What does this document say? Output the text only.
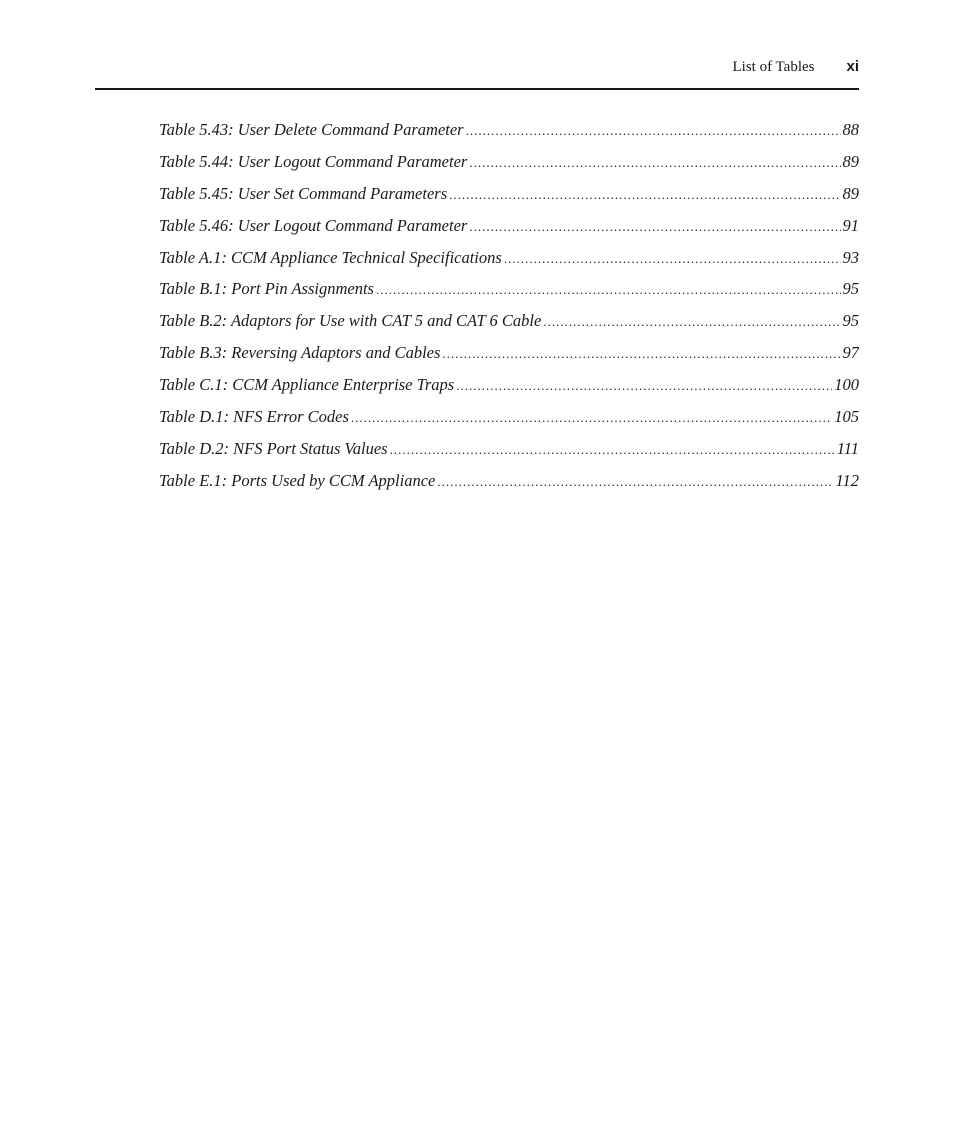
List of Tables xi
Table 5.43: User Delete Command Parameter .....	88
Table 5.44: User Logout Command Parameter .....	89
Table 5.45: User Set Command Parameters .....	89
Table 5.46: User Logout Command Parameter .....	91
Table A.1: CCM Appliance Technical Specifications .....	93
Table B.1: Port Pin Assignments .....	95
Table B.2: Adaptors for Use with CAT 5 and CAT 6 Cable .....	95
Table B.3: Reversing Adaptors and Cables .....	97
Table C.1: CCM Appliance Enterprise Traps .....	100
Table D.1: NFS Error Codes .....	105
Table D.2: NFS Port Status Values .....	111
Table E.1: Ports Used by CCM Appliance .....	112
